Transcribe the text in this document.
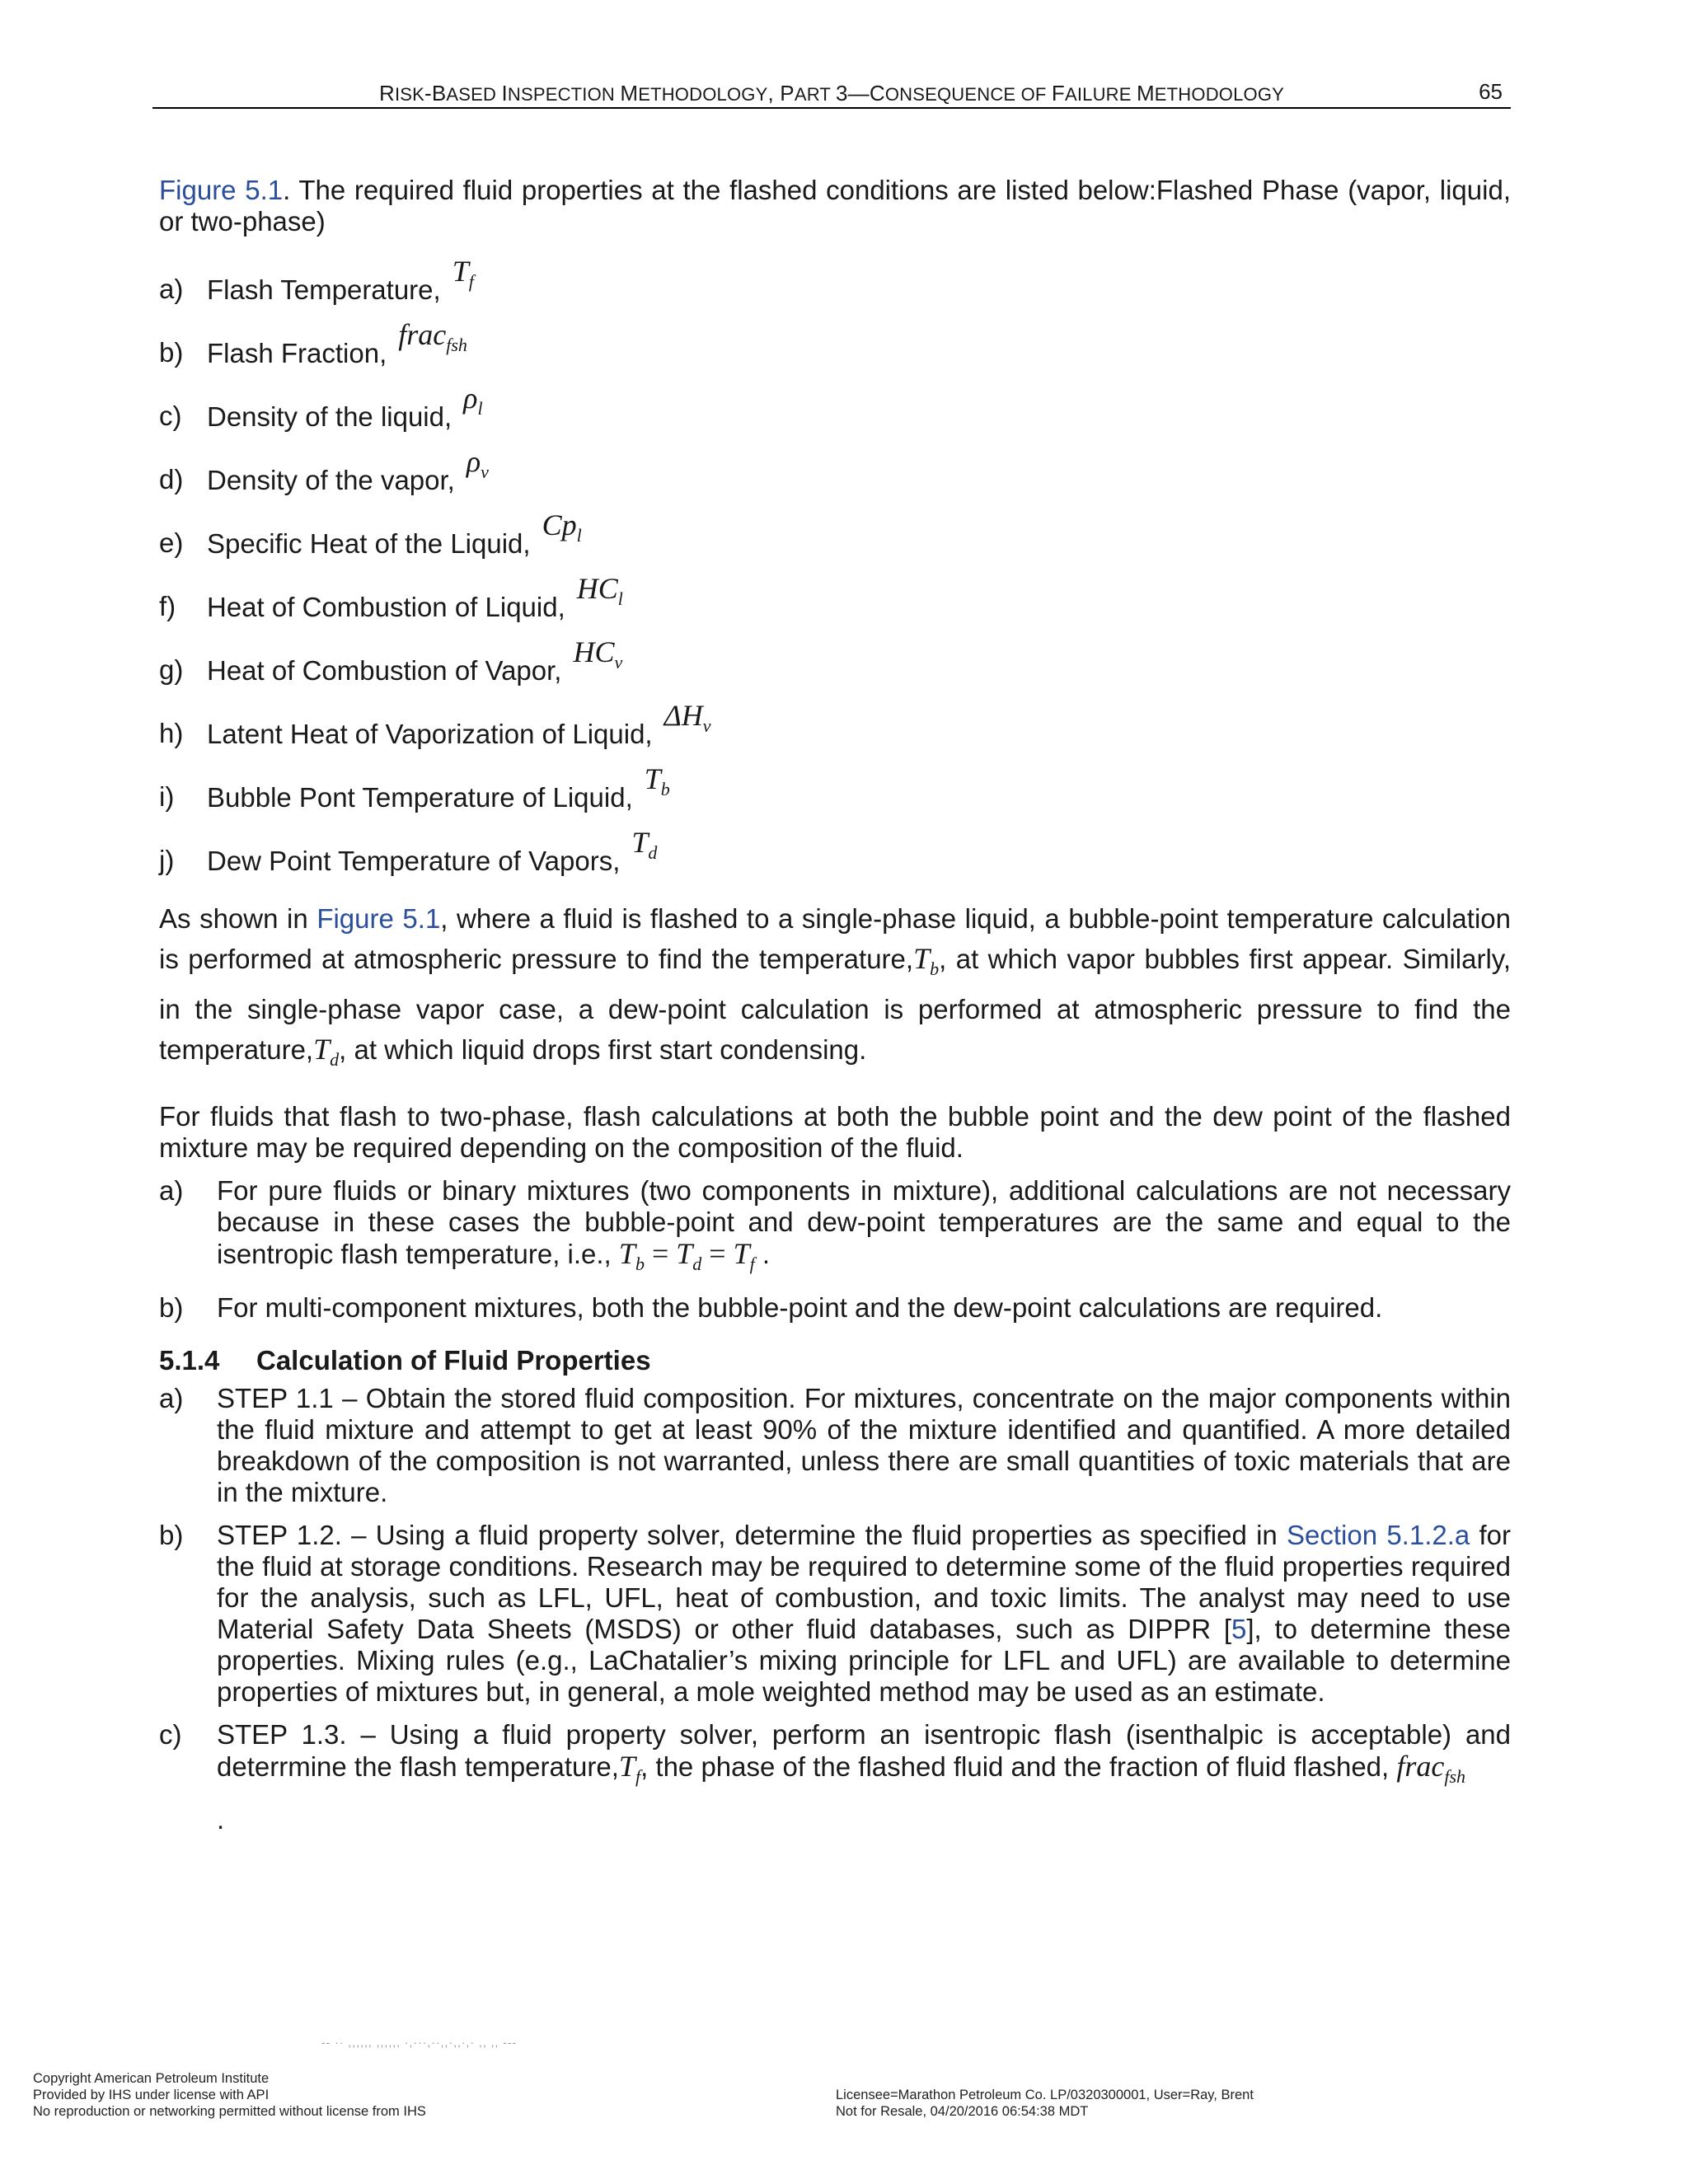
RISK-BASED INSPECTION METHODOLOGY, PART 3—CONSEQUENCE OF FAILURE METHODOLOGY	65

Figure 5.1. The required fluid properties at the flashed conditions are listed below:Flashed Phase (vapor, liquid, or two-phase)

a) Flash $Temperature,T_f$
b) Flash Fraction,frac$_{fsh}$
c) Density of the $liquid,\rho_l$
d) Density of the $vapor,\rho_v$
e) Specific Heat of the $Liquid,Cp_l$
f) Heat of Combustion of $Liquid,HC_l$
g) Heat of Combustion of $Vapor,HC_v$
h) Latent Heat of Vaporization of $Liquid,\Delta H_v$
i) Bubble Pont Temperature of $Liquid,T_b$
j) Dew Point Temperature of $Vapors,T_d$

As shown in Figure 5.1, where a fluid is flashed to a single-phase liquid, a bubble-point temperature calculation is performed at atmospheric pressure to find the $temperature,T_b$, at which vapor bubbles first appear. Similarly, in the single-phase vapor case, a dew-point calculation is performed at atmospheric pressure to find the $temperature,T_d$, at which liquid drops first start condensing.

For fluids that flash to two-phase, flash calculations at both the bubble point and the dew point of the flashed mixture may be required depending on the composition of the fluid.

a)	For pure fluids or binary mixtures (two components in mixture), additional calculations are not necessary because in these cases the bubble-point and dew-point temperatures are the same and equal to the isentropic flash temperature, i.e., $T_b = T_d = T_f$ .
b)	For multi-component mixtures, both the bubble-point and the dew-point calculations are required.
5.1.4 Calculation of Fluid Properties
a)	STEP 1.1 – Obtain the stored fluid composition. For mixtures, concentrate on the major components within the fluid mixture and attempt to get at least 90% of the mixture identified and quantified. A more detailed breakdown of the composition is not warranted, unless there are small quantities of toxic materials that are in the mixture.
b)	STEP 1.2. – Using a fluid property solver, determine the fluid properties as specified in Section 5.1.2.a for the fluid at storage conditions. Research may be required to determine some of the fluid properties required for the analysis, such as LFL, UFL, heat of combustion, and toxic limits. The analyst may need to use Material Safety Data Sheets (MSDS) or other fluid databases, such as DIPPR [5], to determine these properties. Mixing rules (e.g., LaChatalier’s mixing principle for LFL and UFL) are available to determine properties of mixtures but, in general, a mole weighted method may be used as an estimate.
c)	STEP 1.3. – Using a fluid property solver, perform an isentropic flash (isenthalpic is acceptable) and deterrmine the flash $temperature,T_f$, the phase of the flashed fluid and the fraction of fluid flashed, frac$_{fsh}$
.
-- ·· ,,,,,, ,,,,,, ·,···,··,,·,,·,· ,, ,, ---
Copyright American Petroleum Institute
Provided by IHS under license with API
No reproduction or networking permitted without license from IHS
Licensee=Marathon Petroleum Co. LP/0320300001, User=Ray, Brent
Not for Resale, 04/20/2016 06:54:38 MDT
